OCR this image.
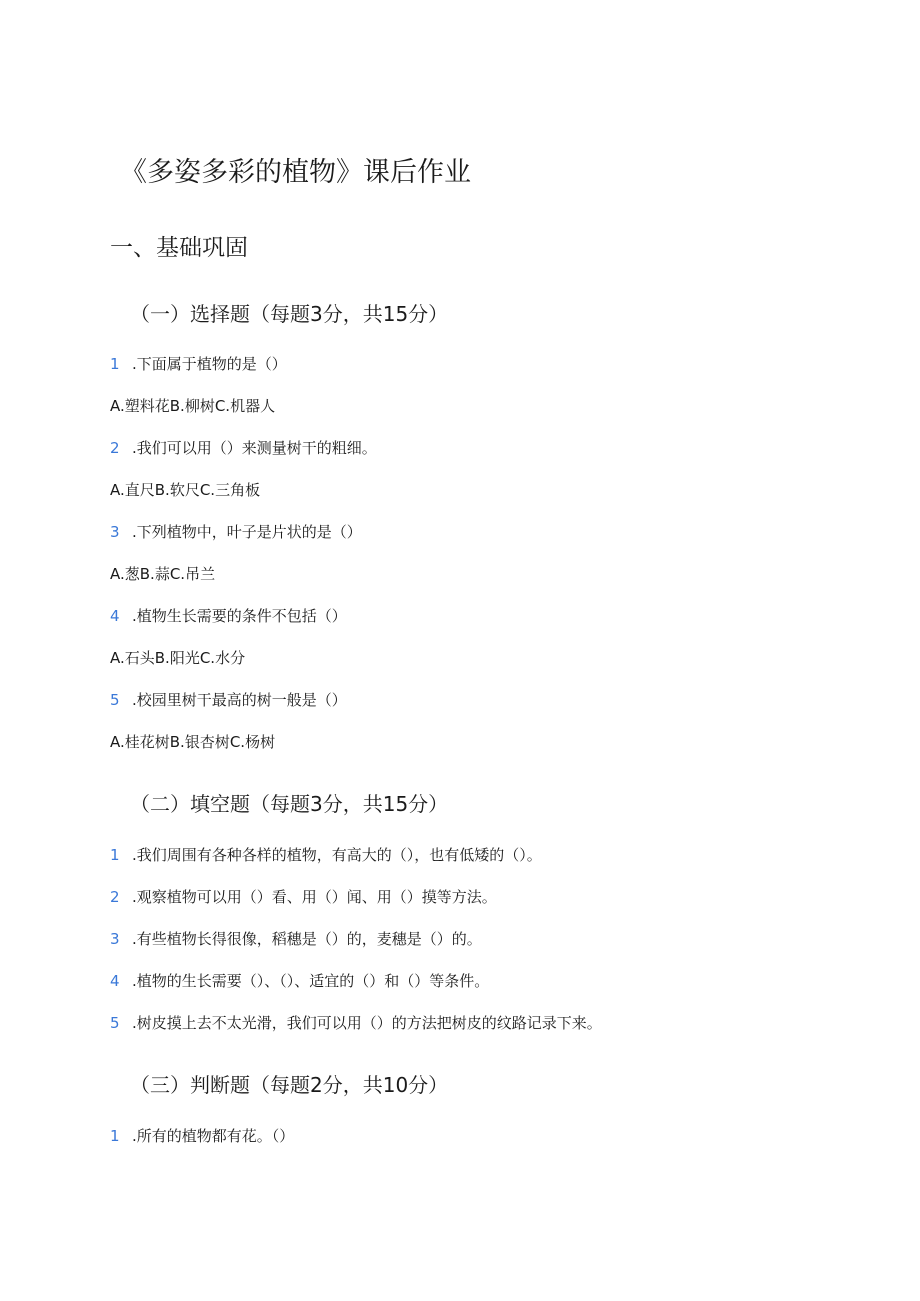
《多姿多彩的植物》课后作业
一、基础巩固
（一）选择题（每题3分，共15分）
1 .下面属于植物的是（）
A.塑料花B.柳树C.机器人
2 .我们可以用（）来测量树干的粗细。
A.直尺B.软尺C.三角板
3 .下列植物中，叶子是片状的是（）
A.葱B.蒜C.吊兰
4 .植物生长需要的条件不包括（）
A.石头B.阳光C.水分
5 .校园里树干最高的树一般是（）
A.桂花树B.银杏树C.杨树
（二）填空题（每题3分，共15分）
1 .我们周围有各种各样的植物，有高大的（），也有低矮的（）。
2 .观察植物可以用（）看、用（）闻、用（）摸等方法。
3 .有些植物长得很像，稻穗是（）的，麦穗是（）的。
4 .植物的生长需要（）、（）、适宜的（）和（）等条件。
5 .树皮摸上去不太光滑，我们可以用（）的方法把树皮的纹路记录下来。
（三）判断题（每题2分，共10分）
1 .所有的植物都有花。（）
